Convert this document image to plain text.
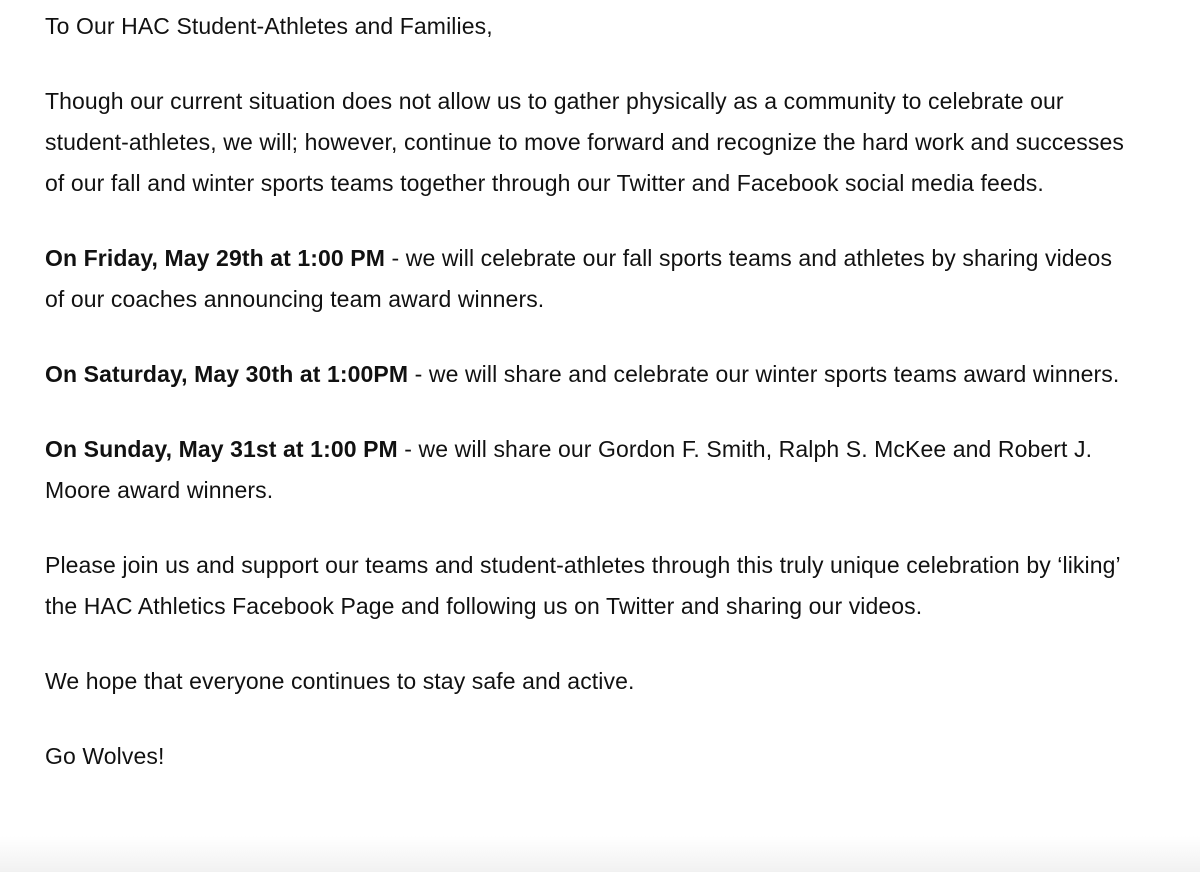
To Our HAC Student-Athletes and Families,

Though our current situation does not allow us to gather physically as a community to celebrate our student-athletes, we will; however, continue to move forward and recognize the hard work and successes of our fall and winter sports teams together through our Twitter and Facebook social media feeds.

On Friday, May 29th at 1:00 PM - we will celebrate our fall sports teams and athletes by sharing videos of our coaches announcing team award winners.

On Saturday, May 30th at 1:00PM - we will share and celebrate our winter sports teams award winners.

On Sunday, May 31st at 1:00 PM - we will share our Gordon F. Smith, Ralph S. McKee and Robert J. Moore award winners.

Please join us and support our teams and student-athletes through this truly unique celebration by ‘liking’ the HAC Athletics Facebook Page and following us on Twitter and sharing our videos.

We hope that everyone continues to stay safe and active.

Go Wolves!
